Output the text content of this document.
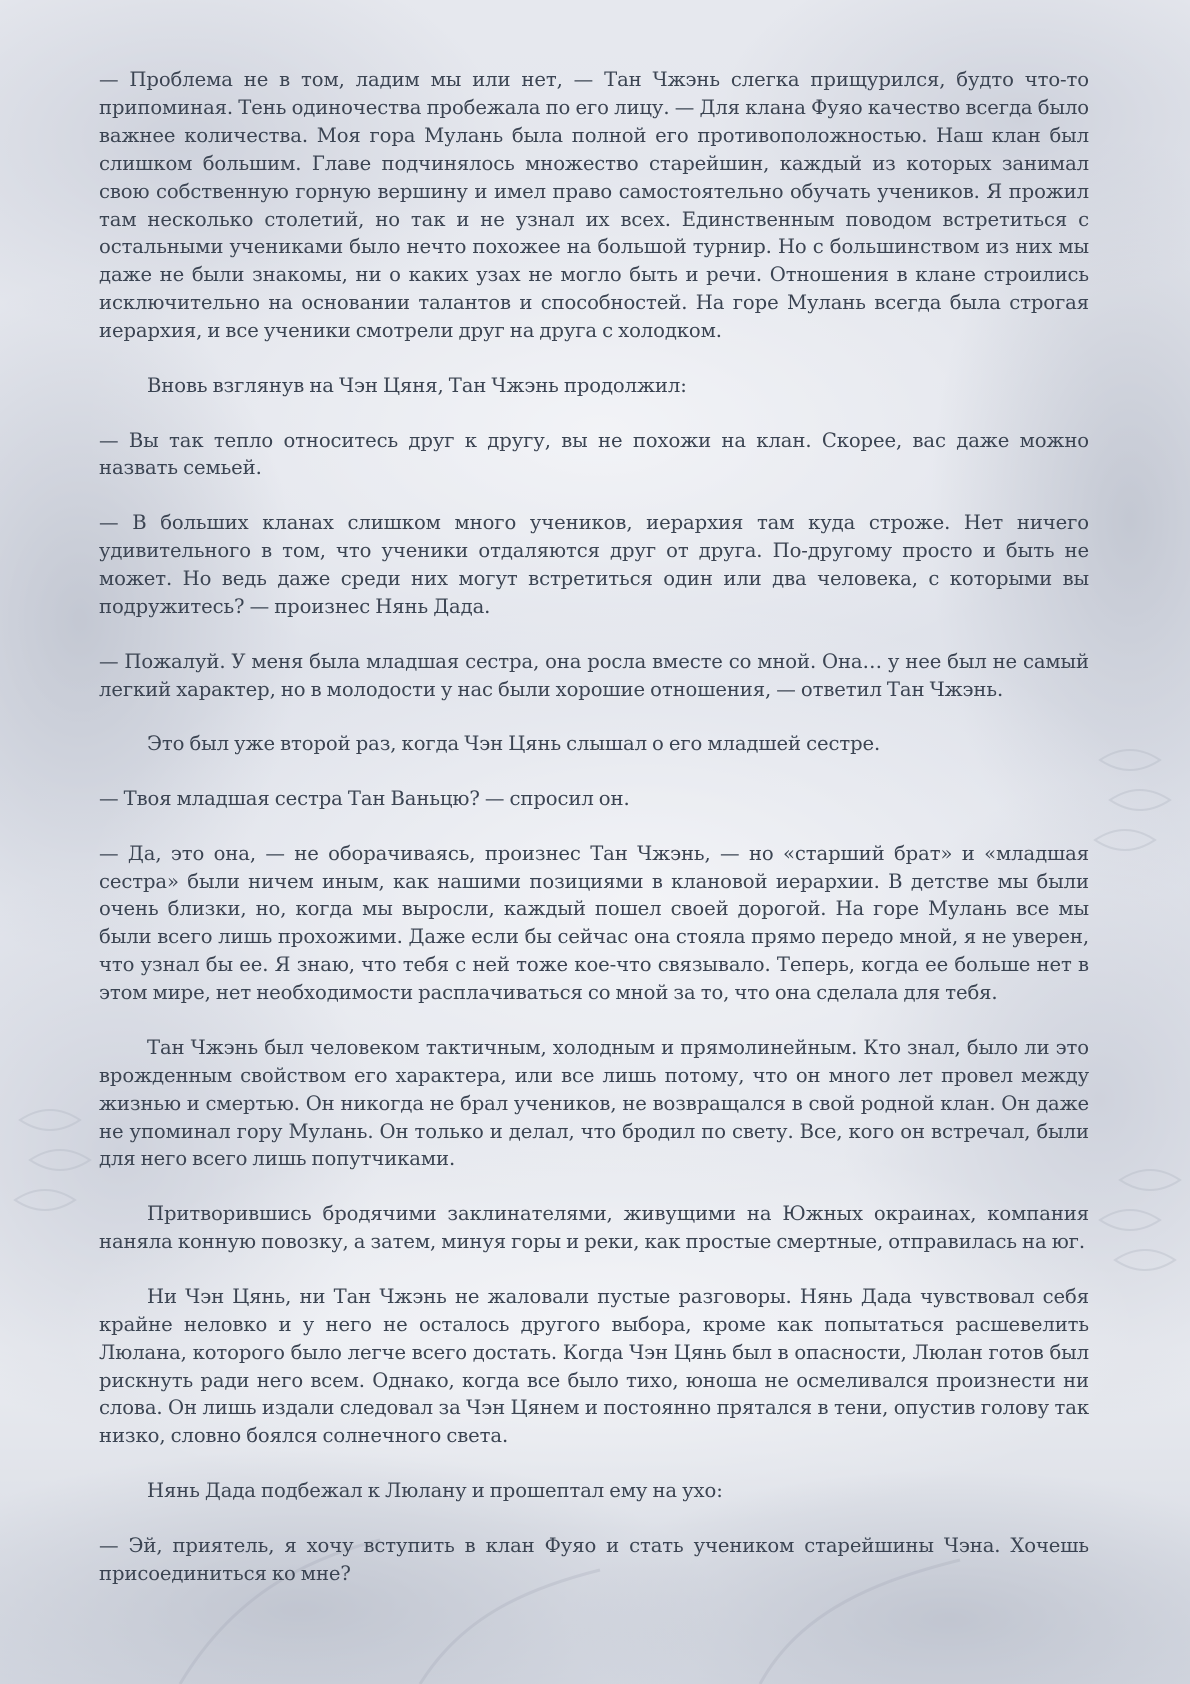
— Проблема не в том, ладим мы или нет, — Тан Чжэнь слегка прищурился, будто что-то припоминая. Тень одиночества пробежала по его лицу. — Для клана Фуяо качество всегда было важнее количества. Моя гора Мулань была полной его противоположностью. Наш клан был слишком большим. Главе подчинялось множество старейшин, каждый из которых занимал свою собственную горную вершину и имел право самостоятельно обучать учеников. Я прожил там несколько столетий, но так и не узнал их всех. Единственным поводом встретиться с остальными учениками было нечто похожее на большой турнир. Но с большинством из них мы даже не были знакомы, ни о каких узах не могло быть и речи. Отношения в клане строились исключительно на основании талантов и способностей. На горе Мулань всегда была строгая иерархия, и все ученики смотрели друг на друга с холодком.

Вновь взглянув на Чэн Цяня, Тан Чжэнь продолжил:

— Вы так тепло относитесь друг к другу, вы не похожи на клан. Скорее, вас даже можно назвать семьей.

— В больших кланах слишком много учеников, иерархия там куда строже. Нет ничего удивительного в том, что ученики отдаляются друг от друга. По-другому просто и быть не может. Но ведь даже среди них могут встретиться один или два человека, с которыми вы подружитесь? — произнес Нянь Дада.

— Пожалуй. У меня была младшая сестра, она росла вместе со мной. Она… у нее был не самый легкий характер, но в молодости у нас были хорошие отношения, — ответил Тан Чжэнь.

Это был уже второй раз, когда Чэн Цянь слышал о его младшей сестре.

— Твоя младшая сестра Тан Ваньцю? — спросил он.

— Да, это она, — не оборачиваясь, произнес Тан Чжэнь, — но «старший брат» и «младшая сестра» были ничем иным, как нашими позициями в клановой иерархии. В детстве мы были очень близки, но, когда мы выросли, каждый пошел своей дорогой. На горе Мулань все мы были всего лишь прохожими. Даже если бы сейчас она стояла прямо передо мной, я не уверен, что узнал бы ее. Я знаю, что тебя с ней тоже кое-что связывало. Теперь, когда ее больше нет в этом мире, нет необходимости расплачиваться со мной за то, что она сделала для тебя.

Тан Чжэнь был человеком тактичным, холодным и прямолинейным. Кто знал, было ли это врожденным свойством его характера, или все лишь потому, что он много лет провел между жизнью и смертью. Он никогда не брал учеников, не возвращался в свой родной клан. Он даже не упоминал гору Мулань. Он только и делал, что бродил по свету. Все, кого он встречал, были для него всего лишь попутчиками.

Притворившись бродячими заклинателями, живущими на Южных окраинах, компания наняла конную повозку, а затем, минуя горы и реки, как простые смертные, отправилась на юг.

Ни Чэн Цянь, ни Тан Чжэнь не жаловали пустые разговоры. Нянь Дада чувствовал себя крайне неловко и у него не осталось другого выбора, кроме как попытаться расшевелить Люлана, которого было легче всего достать. Когда Чэн Цянь был в опасности, Люлан готов был рискнуть ради него всем. Однако, когда все было тихо, юноша не осмеливался произнести ни слова. Он лишь издали следовал за Чэн Цянем и постоянно прятался в тени, опустив голову так низко, словно боялся солнечного света.

Нянь Дада подбежал к Люлану и прошептал ему на ухо:

— Эй, приятель, я хочу вступить в клан Фуяо и стать учеником старейшины Чэна. Хочешь присоединиться ко мне?
